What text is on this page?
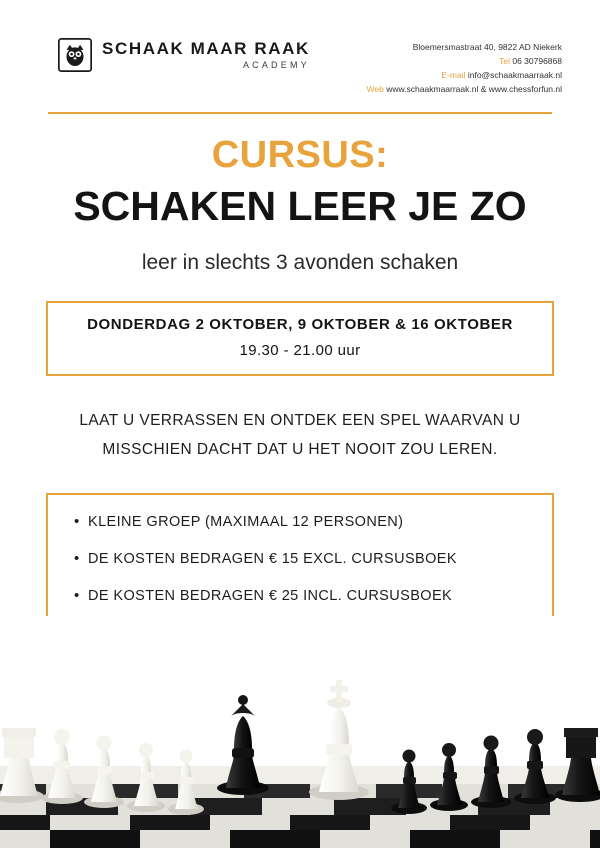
SCHAAK MAAR RAAK
ACADEMY
Bloemersmastraat 40, 9822 AD Niekerk
Tel 06 30796868
E-mail info@schaakmaarraak.nl
Web www.schaakmaarraak.nl & www.chessforfun.nl
CURSUS:
SCHAKEN LEER JE ZO
leer in slechts 3 avonden schaken
DONDERDAG 2 OKTOBER, 9 OKTOBER & 16 OKTOBER
19.30 - 21.00 uur
LAAT U VERRASSEN EN ONTDEK EEN SPEL WAARVAN U
MISSCHIEN DACHT DAT U HET NOOIT ZOU LEREN.
• KLEINE GROEP (MAXIMAAL 12 PERSONEN)
• DE KOSTEN BEDRAGEN € 15 EXCL. CURSUSBOEK
• DE KOSTEN BEDRAGEN € 25 INCL. CURSUSBOEK
